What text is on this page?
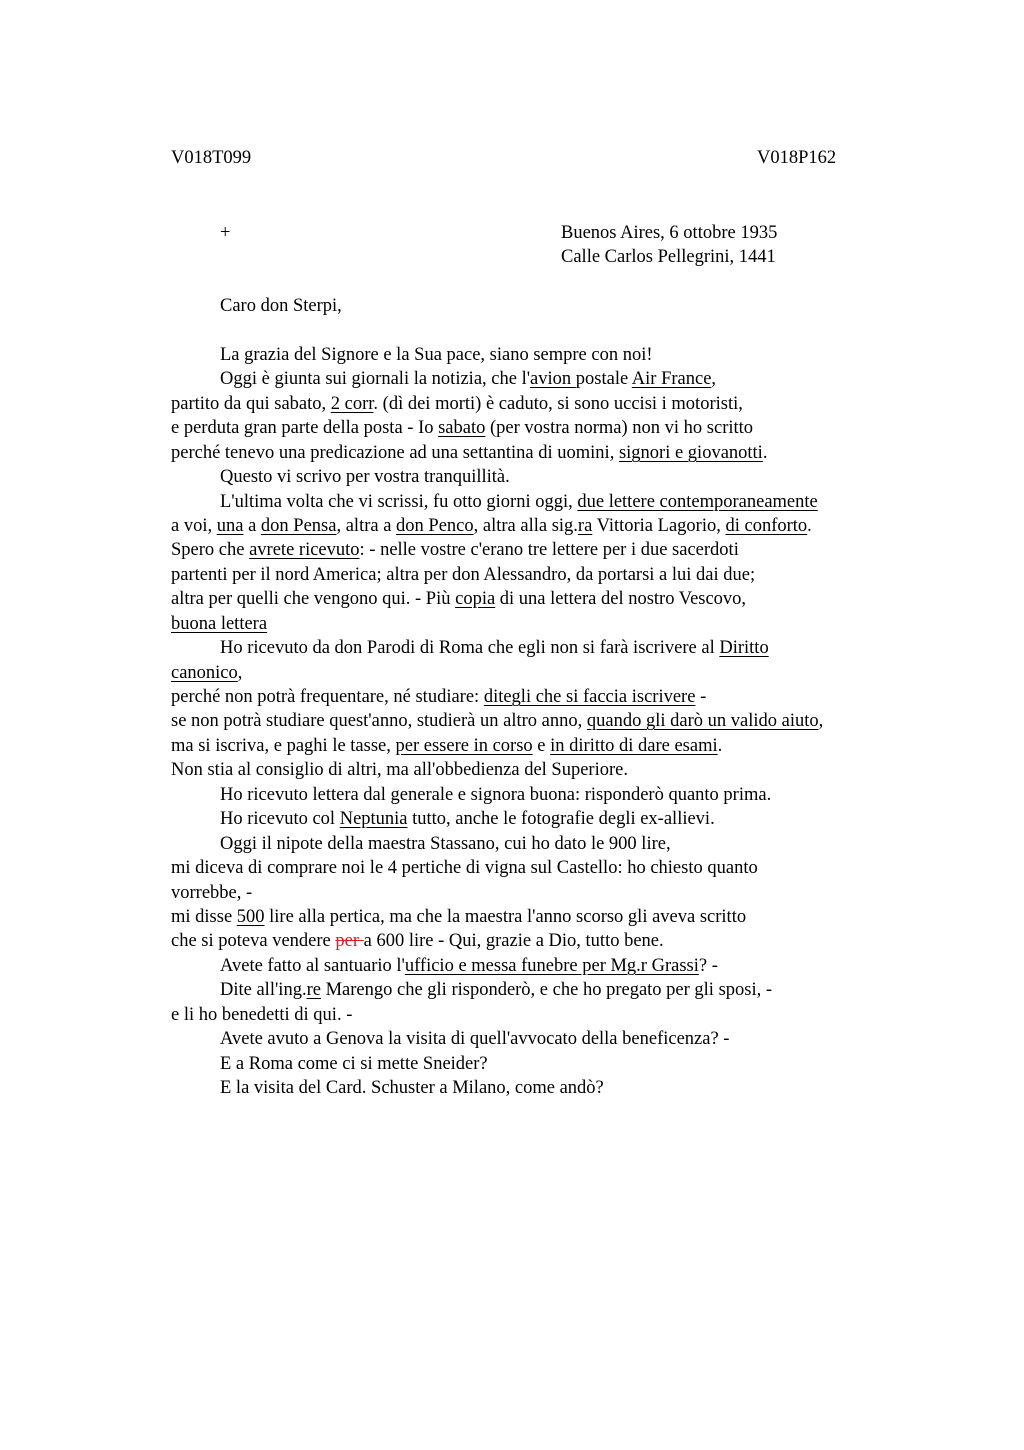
V018T099	V018P162
+	Buenos Aires, 6 ottobre 1935
Calle Carlos Pellegrini, 1441
Caro don Sterpi,
La grazia del Signore e la Sua pace, siano sempre con noi!
Oggi è giunta sui giornali la notizia, che l'avion postale Air France,
partito da qui sabato, 2 corr. (dì dei morti) è caduto, si sono uccisi i motoristi,
e perduta gran parte della posta - Io sabato (per vostra norma) non vi ho scritto
perché tenevo una predicazione ad una settantina di uomini, signori e giovanotti.
Questo vi scrivo per vostra tranquillità.
L'ultima volta che vi scrissi, fu otto giorni oggi, due lettere contemporaneamente
a voi, una a don Pensa, altra a don Penco, altra alla sig.ra Vittoria Lagorio, di conforto.
Spero che avrete ricevuto: - nelle vostre c'erano tre lettere per i due sacerdoti
partenti per il nord America; altra per don Alessandro, da portarsi a lui dai due;
altra per quelli che vengono qui. - Più copia di una lettera del nostro Vescovo,
buona lettera
Ho ricevuto da don Parodi di Roma che egli non si farà iscrivere al Diritto
canonico,
perché non potrà frequentare, né studiare: ditegli che si faccia iscrivere -
se non potrà studiare quest'anno, studierà un altro anno, quando gli darò un valido aiuto,
ma si iscriva, e paghi le tasse, per essere in corso e in diritto di dare esami.
Non stia al consiglio di altri, ma all'obbedienza del Superiore.
Ho ricevuto lettera dal generale e signora buona: risponderò quanto prima.
Ho ricevuto col Neptunia tutto, anche le fotografie degli ex-allievi.
Oggi il nipote della maestra Stassano, cui ho dato le 900 lire,
mi diceva di comprare noi le 4 pertiche di vigna sul Castello: ho chiesto quanto
vorrebbe, -
mi disse 500 lire alla pertica, ma che la maestra l'anno scorso gli aveva scritto
che si poteva vendere per a 600 lire - Qui, grazie a Dio, tutto bene.
Avete fatto al santuario l'ufficio e messa funebre per Mg.r Grassi? -
Dite all'ing.re Marengo che gli risponderò, e che ho pregato per gli sposi, -
e li ho benedetti di qui. -
Avete avuto a Genova la visita di quell'avvocato della beneficenza? -
E a Roma come ci si mette Sneider?
E la visita del Card. Schuster a Milano, come andò?
